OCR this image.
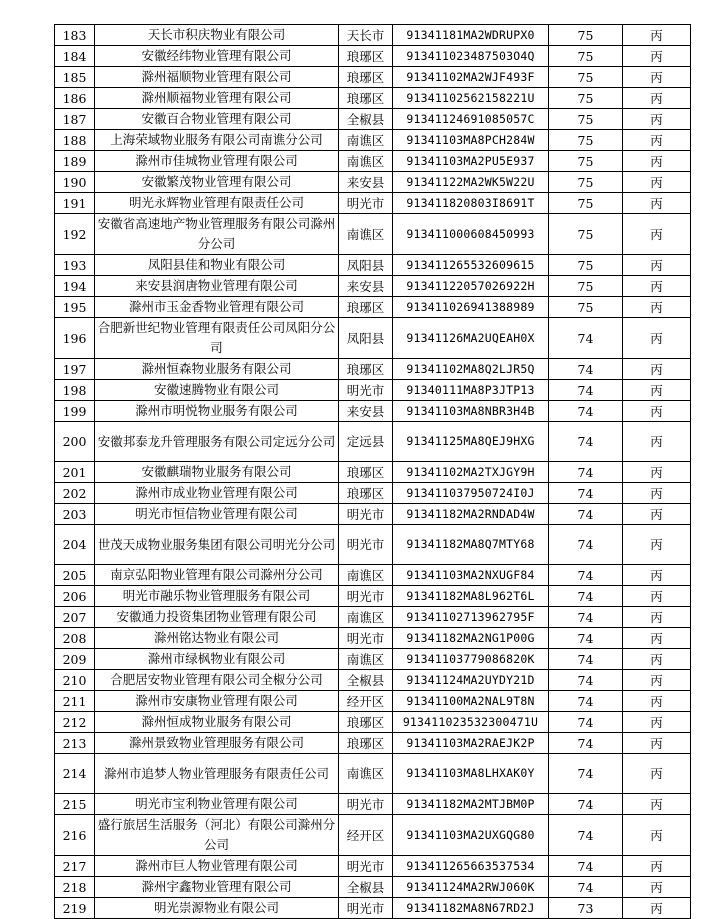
183	天长市积庆物业有限公司	天长市	91341181MA2WDRUPX0	75	丙
184	安徽经纬物业管理有限公司	琅琊区	913411023487503O4Q	75	丙
185	滁州福顺物业管理有限公司	琅琊区	91341102MA2WJF493F	75	丙
186	滁州顺福物业管理有限公司	琅琊区	91341102562158221U	75	丙
187	安徽百合物业管理有限公司	全椒县	91341124691085057C	75	丙
188	上海荣域物业服务有限公司南谯分公司	南谯区	91341103MA8PCH284W	75	丙
189	滁州市佳城物业管理有限公司	南谯区	91341103MA2PU5E937	75	丙
190	安徽繁茂物业管理有限公司	来安县	91341122MA2WK5W22U	75	丙
191	明光永辉物业管理有限责任公司	明光市	913411820803I8691T	75	丙
192	安徽省高速地产物业管理服务有限公司滁州分公司	南谯区	913411000608450993	75	丙
193	凤阳县佳和物业有限公司	凤阳县	913411265532609615	75	丙
194	来安县润唐物业管理有限公司	来安县	91341122057026922H	75	丙
195	滁州市玉金香物业管理有限公司	琅琊区	913411026941388989	75	丙
196	合肥新世纪物业管理有限责任公司凤阳分公司	凤阳县	91341126MA2UQEAH0X	74	丙
197	滁州恒森物业服务有限公司	琅琊区	91341102MA8Q2LJR5Q	74	丙
198	安徽速腾物业有限公司	明光市	91340111MA8P3JTP13	74	丙
199	滁州市明悦物业服务有限公司	来安县	91341103MA8NBR3H4B	74	丙
200	安徽邦泰龙升管理服务有限公司定远分公司	定远县	91341125MA8QEJ9HXG	74	丙
201	安徽麒瑞物业服务有限公司	琅琊区	91341102MA2TXJGY9H	74	丙
202	滁州市成业物业管理有限公司	琅琊区	913411037950724I0J	74	丙
203	明光市恒信物业管理有限公司	明光市	91341182MA2RNDAD4W	74	丙
204	世茂天成物业服务集团有限公司明光分公司	明光市	91341182MA8Q7MTY68	74	丙
205	南京弘阳物业管理有限公司滁州分公司	南谯区	91341103MA2NXUGF84	74	丙
206	明光市融乐物业管理服务有限公司	明光市	91341182MA8L962T6L	74	丙
207	安徽通力投资集团物业管理有限公司	南谯区	91341102713962795F	74	丙
208	滁州铭达物业有限公司	明光市	91341182MA2NG1P00G	74	丙
209	滁州市绿枫物业有限公司	南谯区	91341103779086820K	74	丙
210	合肥居安物业管理有限公司全椒分公司	全椒县	91341124MA2UYDY21D	74	丙
211	滁州市安康物业管理有限公司	经开区	91341100MA2NAL9T8N	74	丙
212	滁州恒成物业服务有限公司	琅琊区	913411023532300471U	74	丙
213	滁州景致物业管理服务有限公司	琅琊区	91341103MA2RAEJK2P	74	丙
214	滁州市追梦人物业管理服务有限责任公司	南谯区	91341103MA8LHXAK0Y	74	丙
215	明光市宝利物业管理有限公司	明光市	91341182MA2MTJBM0P	74	丙
216	盛行旅居生活服务（河北）有限公司滁州分公司	经开区	91341103MA2UXGQG80	74	丙
217	滁州市巨人物业管理有限公司	明光市	913411265663537534	74	丙
218	滁州宇鑫物业管理有限公司	全椒县	91341124MA2RWJ060K	74	丙
219	明光崇源物业有限公司	明光市	91341182MA8N67RD2J	73	丙
